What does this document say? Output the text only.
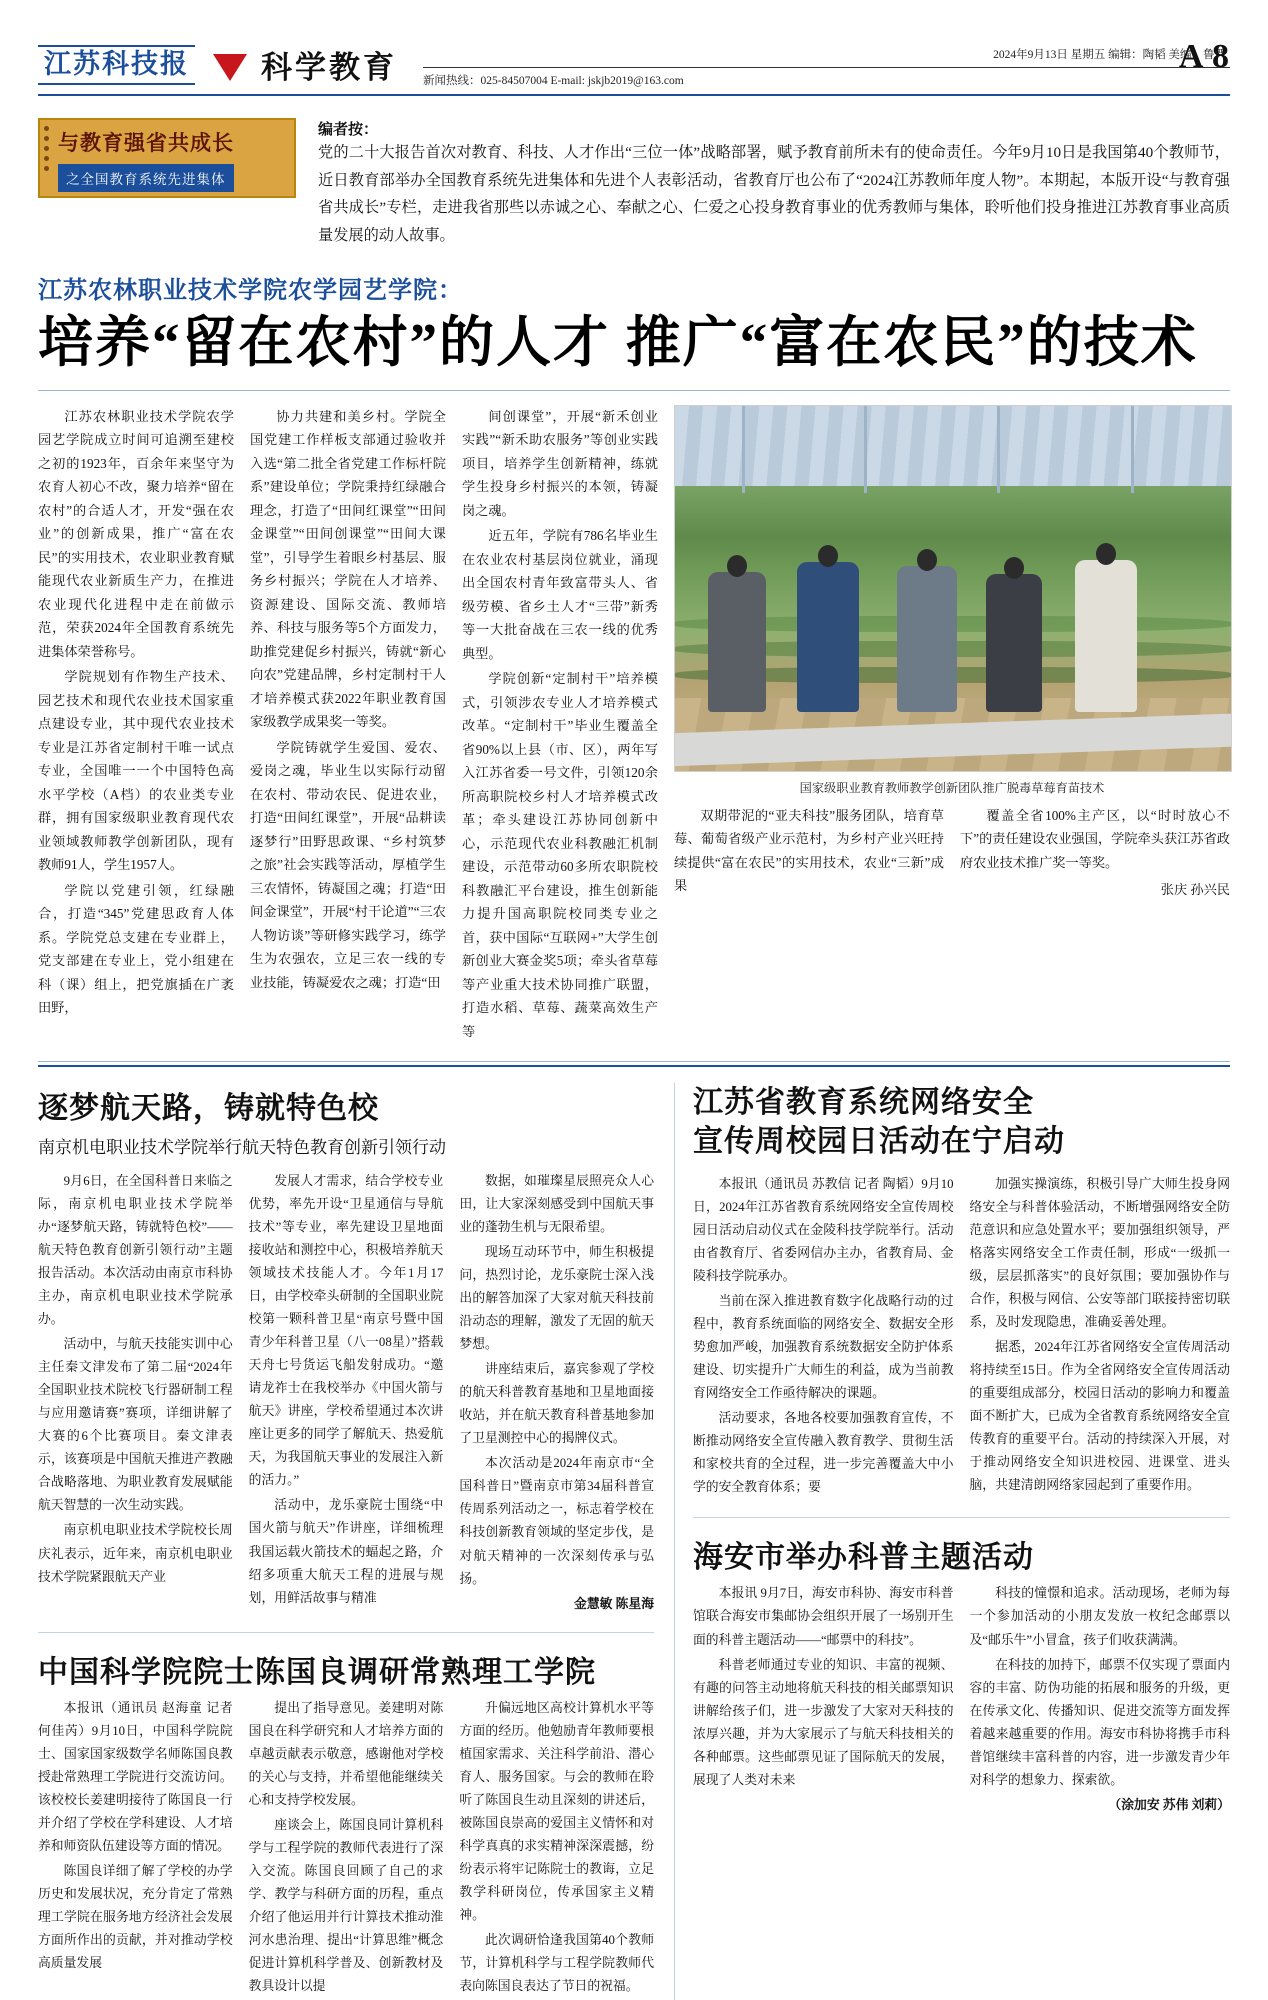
江苏科技报 科学教育	2024年9月13日 星期五 编辑：陶韬 美编：鲁严
新闻热线：025-84507004 E-mail: jskjb2019@163.com
A 8
与教育强省共成长
之全国教育系统先进集体
编者按：
党的二十大报告首次对教育、科技、人才作出“三位一体”战略部署，赋予教育前所未有的使命责任。今年9月10日是我国第40个教师节，近日教育部举办全国教育系统先进集体和先进个人表彰活动，省教育厅也公布了“2024江苏教师年度人物”。本期起，本版开设“与教育强省共成长”专栏，走进我省那些以赤诚之心、奉献之心、仁爱之心投身教育事业的优秀教师与集体，聆听他们投身推进江苏教育事业高质量发展的动人故事。
江苏农林职业技术学院农学园艺学院：
培养“留在农村”的人才 推广“富在农民”的技术

江苏农林职业技术学院农学园艺学院成立时间可追溯至建校之初的1923年，百余年来坚守为农育人初心不改，聚力培养“留在农村”的合适人才，开发“强在农业”的创新成果，推广“富在农民”的实用技术，农业职业教育赋能现代农业新质生产力，在推进农业现代化进程中走在前做示范，荣获2024年全国教育系统先进集体荣誉称号。

学院规划有作物生产技术、园艺技术和现代农业技术国家重点建设专业，其中现代农业技术专业是江苏省定制村干唯一试点专业，全国唯一一个中国特色高水平学校（A档）的农业类专业群，拥有国家级职业教育现代农业领域教师教学创新团队，现有教师91人，学生1957人。

学院以党建引领，红绿融合，打造“345”党建思政育人体系。学院党总支建在专业群上，党支部建在专业上，党小组建在科（课）组上，把党旗插在广袤田野，

协力共建和美乡村。学院全国党建工作样板支部通过验收并入选“第二批全省党建工作标杆院系”建设单位；学院秉持红绿融合理念，打造了“田间红课堂”“田间金课堂”“田间创课堂”“田间大课堂”，引导学生着眼乡村基层、服务乡村振兴；学院在人才培养、资源建设、国际交流、教师培养、科技与服务等5个方面发力，助推党建促乡村振兴，铸就“新心向农”党建品牌，乡村定制村干人才培养模式获2022年职业教育国家级教学成果奖一等奖。

学院铸就学生爱国、爱农、爱岗之魂，毕业生以实际行动留在农村、带动农民、促进农业，打造“田间红课堂”，开展“品耕读 逐梦行”田野思政课、“乡村筑梦之旅”社会实践等活动，厚植学生三农情怀，铸凝国之魂；打造“田间金课堂”，开展“村干论道”“三农人物访谈”等研修实践学习，练学生为农强农，立足三农一线的专业技能，铸凝爱农之魂；打造“田

间创课堂”，开展“新禾创业实践”“新禾助农服务”等创业实践项目，培养学生创新精神，练就学生投身乡村振兴的本领，铸凝岗之魂。

近五年，学院有786名毕业生在农业农村基层岗位就业，涌现出全国农村青年致富带头人、省级劳模、省乡土人才“三带”新秀等一大批奋战在三农一线的优秀典型。

学院创新“定制村干”培养模式，引领涉农专业人才培养模式改革。“定制村干”毕业生覆盖全省90%以上县（市、区），两年写入江苏省委一号文件，引领120余所高职院校乡村人才培养模式改革；牵头建设江苏协同创新中心，示范现代农业科教融汇机制建设，示范带动60多所农职院校科教融汇平台建设，推生创新能力提升国高职院校同类专业之首，获中国际“互联网+”大学生创新创业大赛金奖5项；牵头省草莓等产业重大技术协同推广联盟，打造水稻、草莓、蔬菜高效生产等

国家级职业教育教师教学创新团队推广脱毒草莓育苗技术

双期带泥的“亚夫科技”服务团队，培育草莓、葡萄省级产业示范村，为乡村产业兴旺持续提供“富在农民”的实用技术，农业“三新”成果

覆盖全省100%主产区，以“时时放心不下”的责任建设农业强国，学院牵头获江苏省政府农业技术推广奖一等奖。

张庆 孙兴民
逐梦航天路，铸就特色校
南京机电职业技术学院举行航天特色教育创新引领行动

9月6日，在全国科普日来临之际，南京机电职业技术学院举办“逐梦航天路，铸就特色校”——航天特色教育创新引领行动”主题报告活动。本次活动由南京市科协主办，南京机电职业技术学院承办。

活动中，与航天技能实训中心主任秦文津发布了第二届“2024年全国职业技术院校飞行器研制工程与应用邀请赛”赛项，详细讲解了大赛的6个比赛项目。秦文津表示，该赛项是中国航天推进产教融合战略落地、为职业教育发展赋能航天智慧的一次生动实践。

南京机电职业技术学院校长周庆礼表示，近年来，南京机电职业技术学院紧跟航天产业

发展人才需求，结合学校专业优势，率先开设“卫星通信与导航技术”等专业，率先建设卫星地面接收站和测控中心，积极培养航天领域技术技能人才。今年1月17日，由学校牵头研制的全国职业院校第一颗科普卫星“南京号暨中国青少年科普卫星（八一08星）”搭载天舟七号货运飞船发射成功。“邀请龙祚士在我校举办《中国火箭与航天》讲座，学校希望通过本次讲座让更多的同学了解航天、热爱航天，为我国航天事业的发展注入新的活力。”

活动中，龙乐豪院士围绕“中国火箭与航天”作讲座，详细梳理我国运载火箭技术的蝠起之路，介绍多项重大航天工程的进展与规划，用鲜活故事与精准

数据，如璀璨星辰照亮众人心田，让大家深刻感受到中国航天事业的蓬勃生机与无限希望。

现场互动环节中，师生积极提问，热烈讨论，龙乐豪院士深入浅出的解答加深了大家对航天科技前沿动态的理解，激发了无固的航天梦想。

讲座结束后，嘉宾参观了学校的航天科普教育基地和卫星地面接收站，并在航天教育科普基地参加了卫星测控中心的揭牌仪式。

本次活动是2024年南京市“全国科普日”暨南京市第34届科普宣传周系列活动之一，标志着学校在科技创新教育领域的坚定步伐，是对航天精神的一次深刻传承与弘扬。

金慧敏 陈星海
中国科学院院士陈国良调研常熟理工学院

本报讯（通讯员 赵海童 记者 何佳芮）9月10日，中国科学院院士、国家国家级数学名师陈国良教授赴常熟理工学院进行交流访问。该校校长姜建明接待了陈国良一行并介绍了学校在学科建设、人才培养和师资队伍建设等方面的情况。

陈国良详细了解了学校的办学历史和发展状况，充分肯定了常熟理工学院在服务地方经济社会发展方面所作出的贡献，并对推动学校高质量发展

提出了指导意见。姜建明对陈国良在科学研究和人才培养方面的卓越贡献表示敬意，感谢他对学校的关心与支持，并希望他能继续关心和支持学校发展。

座谈会上，陈国良同计算机科学与工程学院的教师代表进行了深入交流。陈国良回顾了自己的求学、教学与科研方面的历程，重点介绍了他运用并行计算技术推动淮河水患治理、提出“计算思维”概念促进计算机科学普及、创新教材及教具设计以提

升偏远地区高校计算机水平等方面的经历。他勉励青年教师要根植国家需求、关注科学前沿、潜心育人、服务国家。与会的教师在聆听了陈国良生动且深刻的讲述后，被陈国良崇高的爱国主义情怀和对科学真真的求实精神深深震撼，纷纷表示将牢记陈院士的教诲，立足教学科研岗位，传承国家主义精神。

此次调研恰逢我国第40个教师节，计算机科学与工程学院教师代表向陈国良表达了节日的祝福。

江苏省教育系统网络安全
宣传周校园日活动在宁启动

本报讯（通讯员 苏教信 记者 陶韬）9月10日，2024年江苏省教育系统网络安全宣传周校园日活动启动仪式在金陵科技学院举行。活动由省教育厅、省委网信办主办，省教育局、金陵科技学院承办。

当前在深入推进教育数字化战略行动的过程中，教育系统面临的网络安全、数据安全形势愈加严峻，加强教育系统数据安全防护体系建设、切实提升广大师生的利益，成为当前教育网络安全工作亟待解决的课题。

活动要求，各地各校要加强教育宣传，不断推动网络安全宣传融入教育教学、贯彻生活和家校共育的全过程，进一步完善覆盖大中小学的安全教育体系；要

加强实操演练，积极引导广大师生投身网络安全与科普体验活动，不断增强网络安全防范意识和应急处置水平；要加强组织领导，严格落实网络安全工作责任制，形成“一级抓一级，层层抓落实”的良好氛围；要加强协作与合作，积极与网信、公安等部门联接持密切联系，及时发现隐患，准确妥善处理。

据悉，2024年江苏省网络安全宣传周活动将持续至15日。作为全省网络安全宣传周活动的重要组成部分，校园日活动的影响力和覆盖面不断扩大，已成为全省教育系统网络安全宣传教育的重要平台。活动的持续深入开展，对于推动网络安全知识进校园、进课堂、进头脑，共建清朗网络家园起到了重要作用。

海安市举办科普主题活动

本报讯 9月7日，海安市科协、海安市科普馆联合海安市集邮协会组织开展了一场别开生面的科普主题活动——“邮票中的科技”。

科普老师通过专业的知识、丰富的视频、有趣的问答主动地将航天科技的相关邮票知识讲解给孩子们，进一步激发了大家对天科技的浓厚兴趣，并为大家展示了与航天科技相关的各种邮票。这些邮票见证了国际航天的发展，展现了人类对未来

科技的憧憬和追求。活动现场，老师为每一个参加活动的小朋友发放一枚纪念邮票以及“邮乐牛”小冒盒，孩子们收获满满。

在科技的加持下，邮票不仅实现了票面内容的丰富、防伪功能的拓展和服务的升级，更在传承文化、传播知识、促进交流等方面发挥着越来越重要的作用。海安市科协将携手市科普馆继续丰富科普的内容，进一步激发青少年对科学的想象力、探索欲。

（涂加安 苏伟 刘莉）
